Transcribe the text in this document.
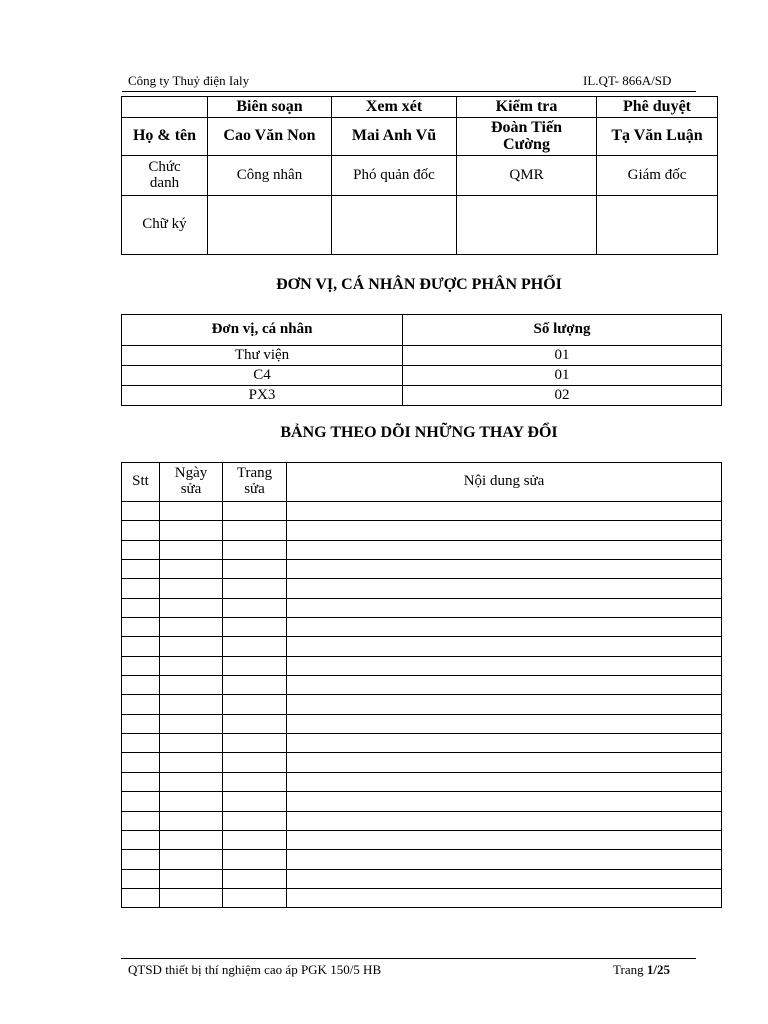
Công ty Thuỷ điện Ialy	IL.QT- 866A/SD
	Biên soạn	Xem xét	Kiểm tra	Phê duyệt
Họ & tên	Cao Văn Non	Mai Anh Vũ	Đoàn Tiến Cường	Tạ Văn Luận
Chức danh	Công nhân	Phó quản đốc	QMR	Giám đốc
Chữ ký				
ĐƠN VỊ, CÁ NHÂN ĐƯỢC PHÂN PHỐI
Đơn vị, cá nhân	Số lượng
Thư viện	01
C4	01
PX3	02
BẢNG THEO DÕI NHỮNG THAY ĐỔI
Stt	Ngày sửa	Trang sửa	Nội dung sửa

QTSD thiết bị thí nghiệm cao áp PGK 150/5 HB	Trang 1/25
